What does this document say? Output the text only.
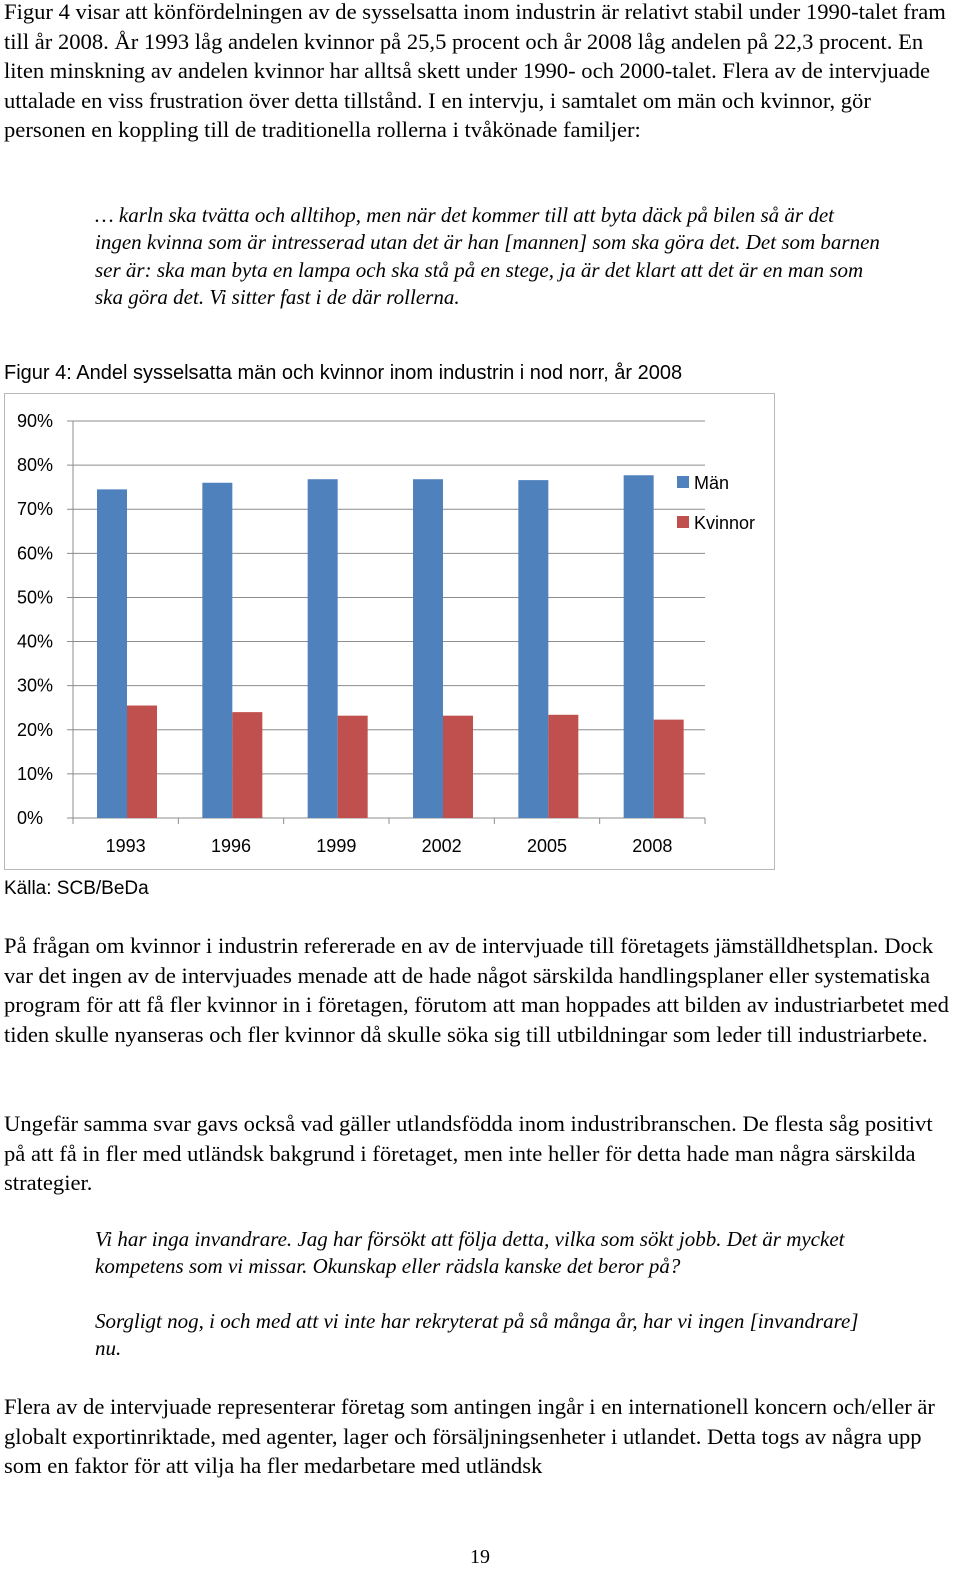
Figur 4 visar att könfördelningen av de sysselsatta inom industrin är relativt stabil under 1990-talet fram till år 2008. År 1993 låg andelen kvinnor på 25,5 procent och år 2008 låg andelen på 22,3 procent. En liten minskning av andelen kvinnor har alltså skett under 1990- och 2000-talet. Flera av de intervjuade uttalade en viss frustration över detta tillstånd. I en intervju, i samtalet om män och kvinnor, gör personen en koppling till de traditionella rollerna i tvåkönade familjer:

… karln ska tvätta och alltihop, men när det kommer till att byta däck på bilen så är det ingen kvinna som är intresserad utan det är han [mannen] som ska göra det. Det som barnen ser är: ska man byta en lampa och ska stå på en stege, ja är det klart att det är en man som ska göra det. Vi sitter fast i de där rollerna.

Figur 4: Andel sysselsatta män och kvinnor inom industrin i nod norr, år 2008
0%
10%
20%
30%
40%
50%
60%
70%
80%
90%
1993	1996	1999	2002	2005	2008
Män
Kvinnor
Källa: SCB/BeDa

På frågan om kvinnor i industrin refererade en av de intervjuade till företagets jämställdhetsplan. Dock var det ingen av de intervjuades menade att de hade något särskilda handlingsplaner eller systematiska program för att få fler kvinnor in i företagen, förutom att man hoppades att bilden av industriarbetet med tiden skulle nyanseras och fler kvinnor då skulle söka sig till utbildningar som leder till industriarbete.

Ungefär samma svar gavs också vad gäller utlandsfödda inom industribranschen. De flesta såg positivt på att få in fler med utländsk bakgrund i företaget, men inte heller för detta hade man några särskilda strategier.

Vi har inga invandrare. Jag har försökt att följa detta, vilka som sökt jobb. Det är mycket kompetens som vi missar. Okunskap eller rädsla kanske det beror på?

Sorgligt nog, i och med att vi inte har rekryterat på så många år, har vi ingen [invandrare] nu.

Flera av de intervjuade representerar företag som antingen ingår i en internationell koncern och/eller är globalt exportinriktade, med agenter, lager och försäljningsenheter i utlandet. Detta togs av några upp som en faktor för att vilja ha fler medarbetare med utländsk

19
